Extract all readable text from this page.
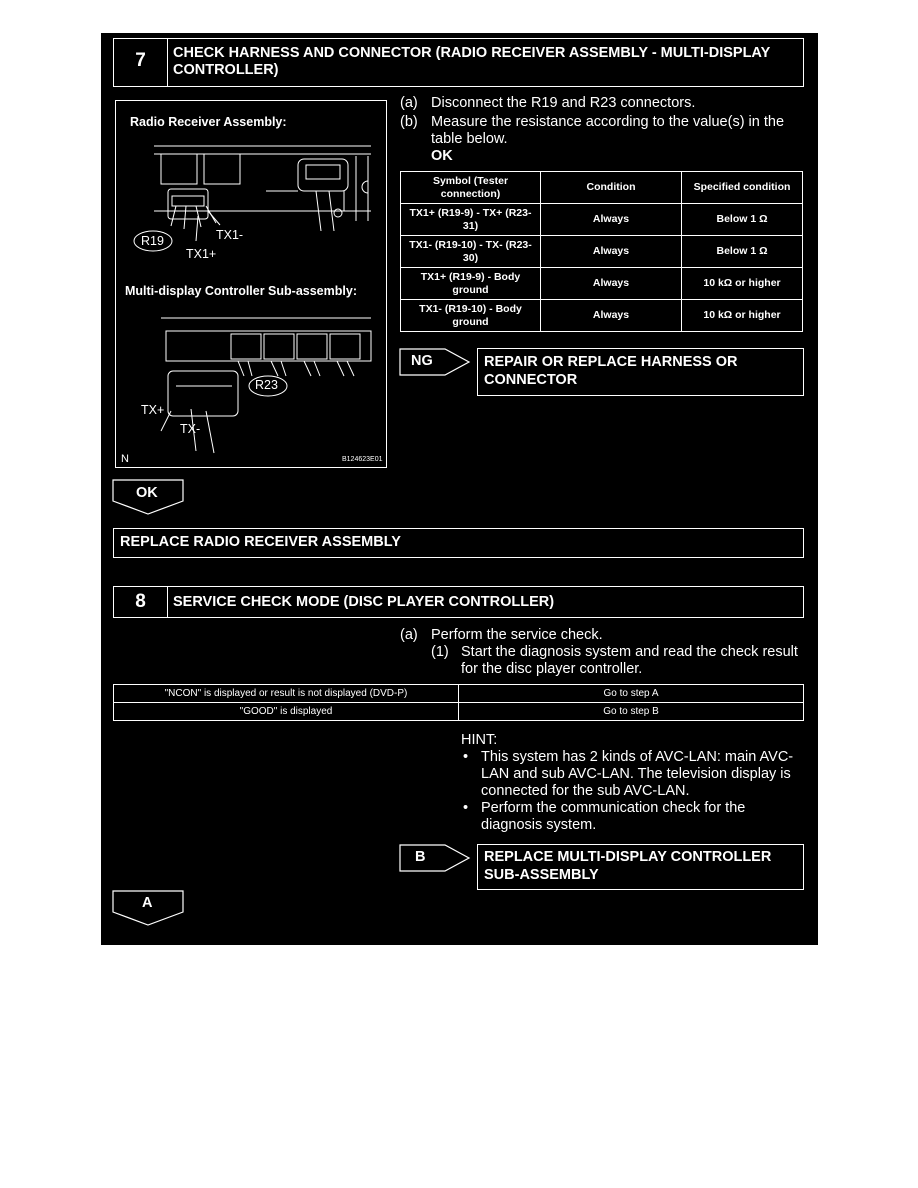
7	CHECK HARNESS AND CONNECTOR (RADIO RECEIVER ASSEMBLY - MULTI-DISPLAY
CONTROLLER)
Radio Receiver Assembly:
Multi-display Controller Sub-assembly:
TX1-
R19
TX1+
R23
TX+
TX-
N	B124623E01
(a) Disconnect the R19 and R23 connectors.
(b) Measure the resistance according to the value(s) in the
table below.
OK
Symbol (Tester connection)	Condition	Specified condition
TX1+ (R19-9) - TX+ (R23-31)	Always	Below 1 Ω
TX1- (R19-10) - TX- (R23-30)	Always	Below 1 Ω
TX1+ (R19-9) - Body ground	Always	10 kΩ or higher
TX1- (R19-10) - Body ground	Always	10 kΩ or higher
NG	REPAIR OR REPLACE HARNESS OR
CONNECTOR
OK
REPLACE RADIO RECEIVER ASSEMBLY
8	SERVICE CHECK MODE (DISC PLAYER CONTROLLER)
(a) Perform the service check.
(1) Start the diagnosis system and read the check result
for the disc player controller.
"NCON" is displayed or result is not displayed (DVD-P)	Go to step A
"GOOD" is displayed	Go to step B
HINT:
• This system has 2 kinds of AVC-LAN: main AVC-
LAN and sub AVC-LAN. The television display is
connected for the sub AVC-LAN.
• Perform the communication check for the
diagnosis system.
B	REPLACE MULTI-DISPLAY CONTROLLER
SUB-ASSEMBLY
A
